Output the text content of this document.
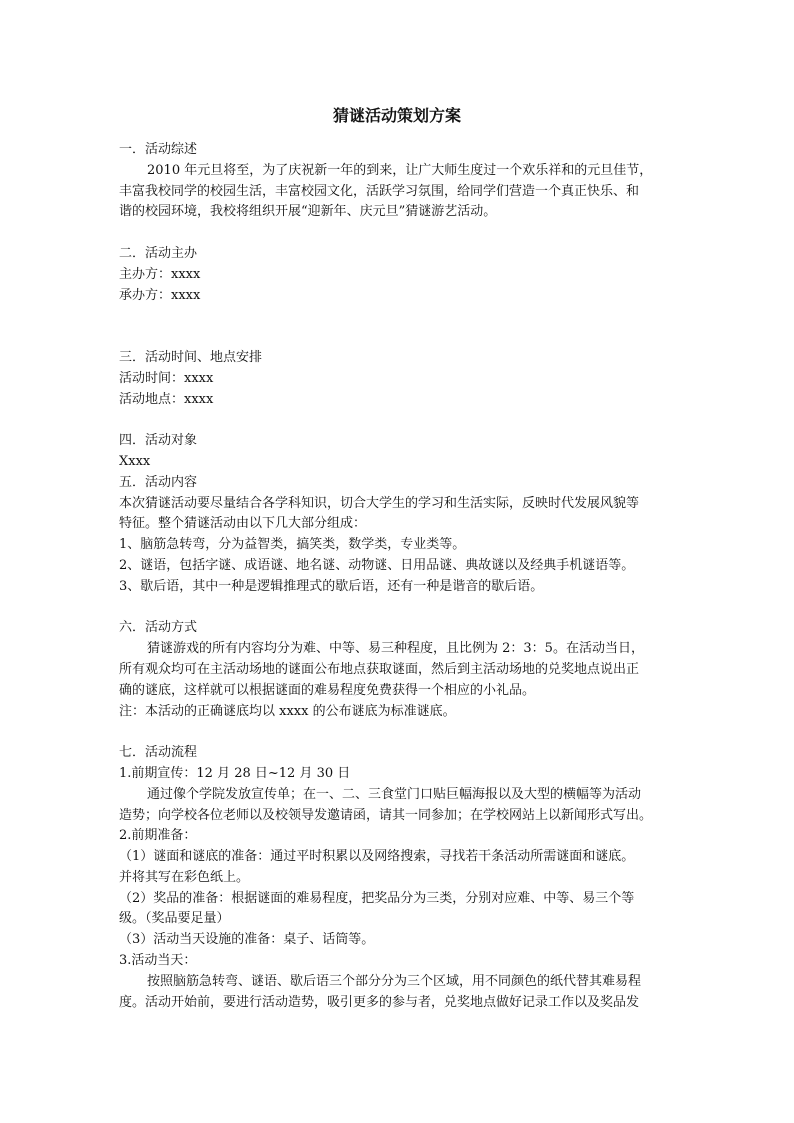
猜谜活动策划方案

一．活动综述

2010 年元旦将至，为了庆祝新一年的到来，让广大师生度过一个欢乐祥和的元旦佳节，

丰富我校同学的校园生活，丰富校园文化，活跃学习氛围，给同学们营造一个真正快乐、和

谐的校园环境，我校将组织开展“迎新年、庆元旦”猜谜游艺活动。

二．活动主办

主办方：xxxx

承办方：xxxx

三．活动时间、地点安排

活动时间：xxxx

活动地点：xxxx

四．活动对象

Xxxx

五．活动内容

本次猜谜活动要尽量结合各学科知识，切合大学生的学习和生活实际，反映时代发展风貌等

特征。整个猜谜活动由以下几大部分组成：

1、脑筋急转弯，分为益智类，搞笑类，数学类，专业类等。

2、谜语，包括字谜、成语谜、地名谜、动物谜、日用品谜、典故谜以及经典手机谜语等。

3、歇后语，其中一种是逻辑推理式的歇后语，还有一种是谐音的歇后语。

六．活动方式

猜谜游戏的所有内容均分为难、中等、易三种程度，且比例为 2：3：5。在活动当日，

所有观众均可在主活动场地的谜面公布地点获取谜面，然后到主活动场地的兑奖地点说出正

确的谜底，这样就可以根据谜面的难易程度免费获得一个相应的小礼品。

注：本活动的正确谜底均以 xxxx 的公布谜底为标准谜底。

七．活动流程

1.前期宣传：12 月 28 日~12 月 30 日

通过像个学院发放宣传单；在一、二、三食堂门口贴巨幅海报以及大型的横幅等为活动

造势；向学校各位老师以及校领导发邀请函，请其一同参加；在学校网站上以新闻形式写出。

2.前期准备：

（1）谜面和谜底的准备：通过平时积累以及网络搜索，寻找若干条活动所需谜面和谜底。

并将其写在彩色纸上。

（2）奖品的准备：根据谜面的难易程度，把奖品分为三类，分别对应难、中等、易三个等

级。（奖品要足量）

（3）活动当天设施的准备：桌子、话筒等。

3.活动当天：

按照脑筋急转弯、谜语、歇后语三个部分分为三个区域，用不同颜色的纸代替其难易程

度。活动开始前，要进行活动造势，吸引更多的参与者，兑奖地点做好记录工作以及奖品发
